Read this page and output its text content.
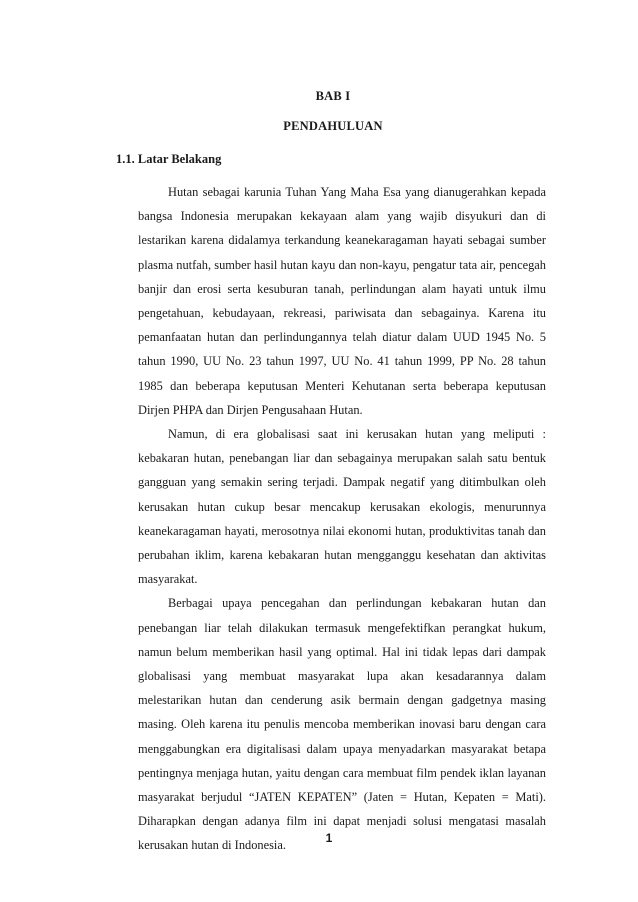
BAB I
PENDAHULUAN
1.1. Latar Belakang

Hutan sebagai karunia Tuhan Yang Maha Esa yang dianugerahkan kepada bangsa Indonesia merupakan kekayaan alam yang wajib disyukuri dan di lestarikan karena didalamya terkandung keanekaragaman hayati sebagai sumber plasma nutfah, sumber hasil hutan kayu dan non-kayu, pengatur tata air, pencegah banjir dan erosi serta kesuburan tanah, perlindungan alam hayati untuk ilmu pengetahuan, kebudayaan, rekreasi, pariwisata dan sebagainya. Karena itu pemanfaatan hutan dan perlindungannya telah diatur dalam UUD 1945 No. 5 tahun 1990, UU No. 23 tahun 1997, UU No. 41 tahun 1999, PP No. 28 tahun 1985 dan beberapa keputusan Menteri Kehutanan serta beberapa keputusan Dirjen PHPA dan Dirjen Pengusahaan Hutan.

Namun, di era globalisasi saat ini kerusakan hutan yang meliputi : kebakaran hutan, penebangan liar dan sebagainya merupakan salah satu bentuk gangguan yang semakin sering terjadi. Dampak negatif yang ditimbulkan oleh kerusakan hutan cukup besar mencakup kerusakan ekologis, menurunnya keanekaragaman hayati, merosotnya nilai ekonomi hutan, produktivitas tanah dan perubahan iklim, karena kebakaran hutan mengganggu kesehatan dan aktivitas masyarakat.

Berbagai upaya pencegahan dan perlindungan kebakaran hutan dan penebangan liar telah dilakukan termasuk mengefektifkan perangkat hukum, namun belum memberikan hasil yang optimal. Hal ini tidak lepas dari dampak globalisasi yang membuat masyarakat lupa akan kesadarannya dalam melestarikan hutan dan cenderung asik bermain dengan gadgetnya masing masing. Oleh karena itu penulis mencoba memberikan inovasi baru dengan cara menggabungkan era digitalisasi dalam upaya menyadarkan masyarakat betapa pentingnya menjaga hutan, yaitu dengan cara membuat film pendek iklan layanan masyarakat berjudul “JATEN KEPATEN” (Jaten = Hutan, Kepaten = Mati). Diharapkan dengan adanya film ini dapat menjadi solusi mengatasi masalah kerusakan hutan di Indonesia.

1
